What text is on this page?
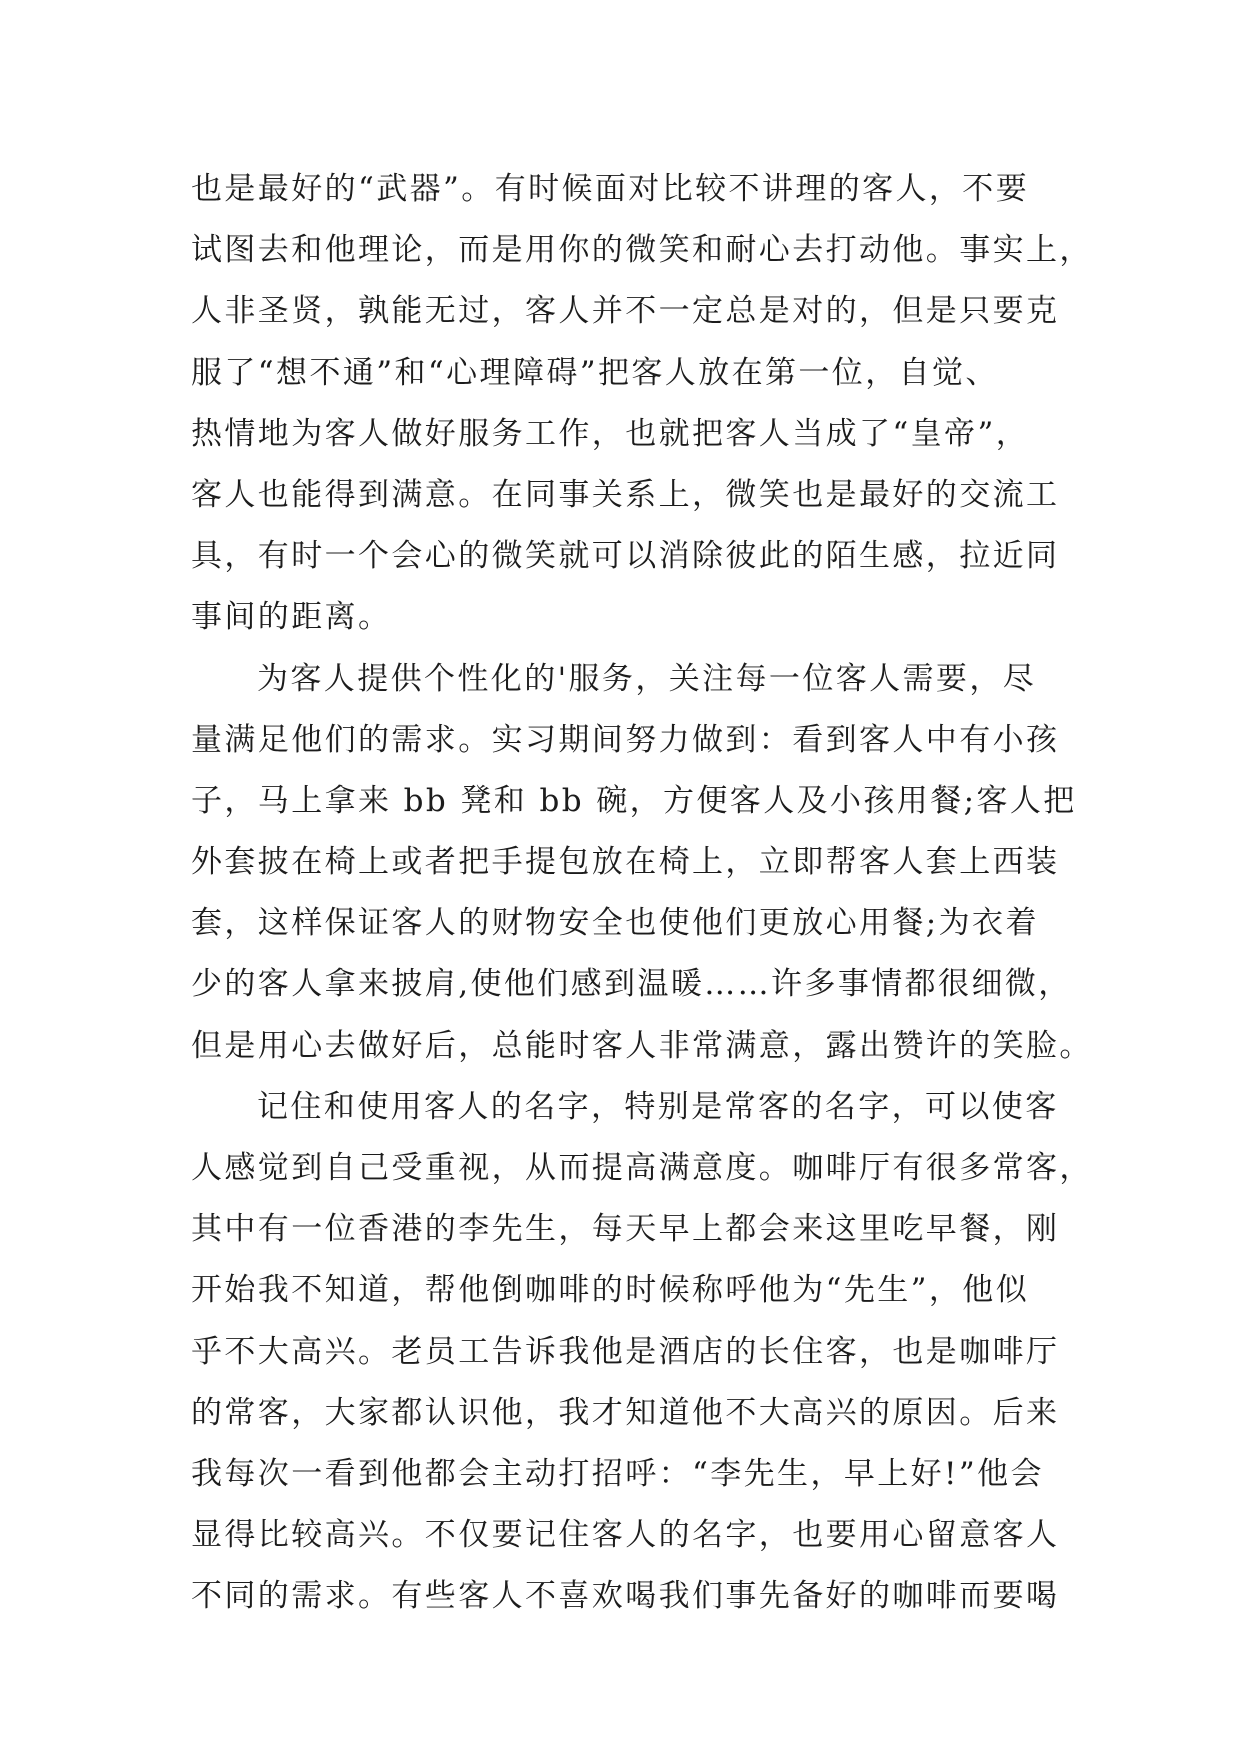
也是最好的“武器”。有时候面对比较不讲理的客人，不要
试图去和他理论，而是用你的微笑和耐心去打动他。事实上，
人非圣贤，孰能无过，客人并不一定总是对的，但是只要克
服了“想不通”和“心理障碍”把客人放在第一位，自觉、
热情地为客人做好服务工作，也就把客人当成了“皇帝”，
客人也能得到满意。在同事关系上，微笑也是最好的交流工
具，有时一个会心的微笑就可以消除彼此的陌生感，拉近同
事间的距离。
为客人提供个性化的'服务，关注每一位客人需要，尽
量满足他们的需求。实习期间努力做到：看到客人中有小孩
子，马上拿来 bb 凳和 bb 碗，方便客人及小孩用餐;客人把
外套披在椅上或者把手提包放在椅上，立即帮客人套上西装
套，这样保证客人的财物安全也使他们更放心用餐;为衣着
少的客人拿来披肩,使他们感到温暖……许多事情都很细微，
但是用心去做好后，总能时客人非常满意，露出赞许的笑脸。
记住和使用客人的名字，特别是常客的名字，可以使客
人感觉到自己受重视，从而提高满意度。咖啡厅有很多常客，
其中有一位香港的李先生，每天早上都会来这里吃早餐，刚
开始我不知道，帮他倒咖啡的时候称呼他为“先生”，他似
乎不大高兴。老员工告诉我他是酒店的长住客，也是咖啡厅
的常客，大家都认识他，我才知道他不大高兴的原因。后来
我每次一看到他都会主动打招呼：“李先生，早上好!”他会
显得比较高兴。不仅要记住客人的名字，也要用心留意客人
不同的需求。有些客人不喜欢喝我们事先备好的咖啡而要喝
